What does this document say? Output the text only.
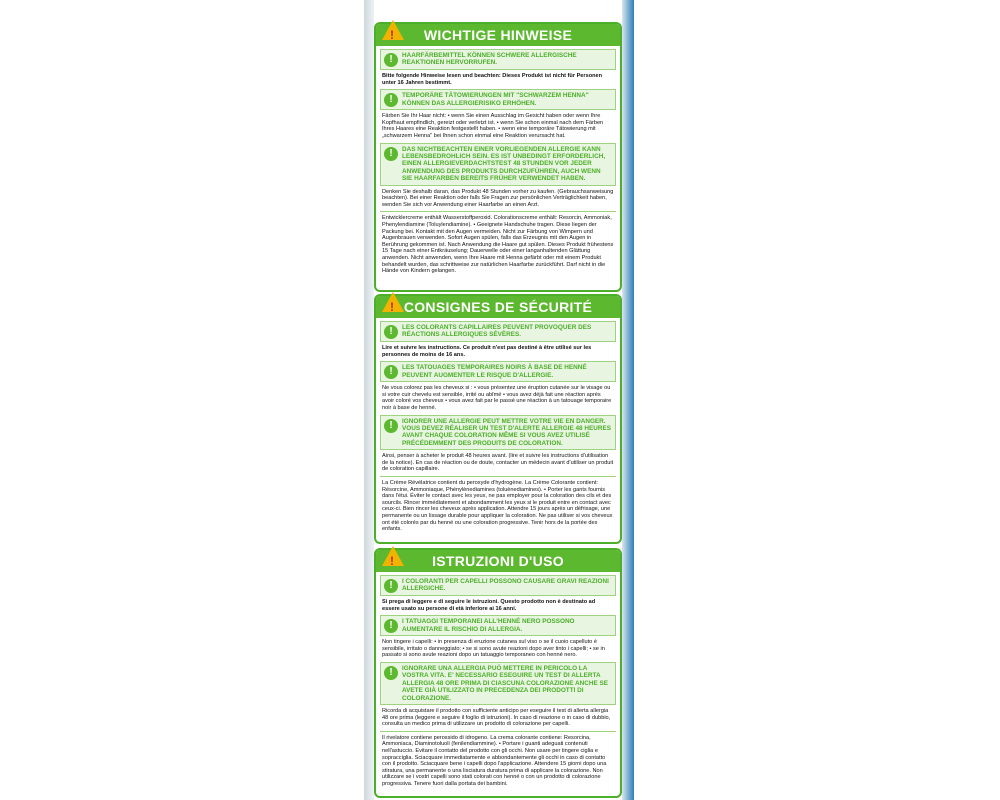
! WICHTIGE HINWEISE
!	HAARFÄRBEMITTEL KÖNNEN SCHWERE ALLERGISCHE REAKTIONEN HERVORRUFEN.
Bitte folgende Hinweise lesen und beachten: Dieses Produkt ist nicht für Personen unter 16 Jahren bestimmt.
!	TEMPORÄRE TÄTOWIERUNGEN MIT "SCHWARZEM HENNA" KÖNNEN DAS ALLERGIERISIKO ERHÖHEN.
Färben Sie Ihr Haar nicht: • wenn Sie einen Ausschlag im Gesicht haben oder wenn Ihre Kopfhaut empfindlich, gereizt oder verletzt ist. • wenn Sie schon einmal nach dem Färben Ihres Haares eine Reaktion festgestellt haben. • wenn eine temporäre Tätowierung mit „schwarzem Henna" bei Ihnen schon einmal eine Reaktion verursacht hat.
!	DAS NICHTBEACHTEN EINER VORLIEGENDEN ALLERGIE KANN LEBENSBEDROHLICH SEIN. ES IST UNBEDINGT ERFORDERLICH, EINEN ALLERGIEVERDACHTSTEST 48 STUNDEN VOR JEDER ANWENDUNG DES PRODUKTS DURCHZUFÜHREN, AUCH WENN SIE HAARFARBEN BEREITS FRÜHER VERWENDET HABEN.
Denken Sie deshalb daran, das Produkt 48 Stunden vorher zu kaufen. (Gebrauchsanweisung beachten). Bei einer Reaktion oder falls Sie Fragen zur persönlichen Verträglichkeit haben, wenden Sie sich vor Anwendung einer Haarfarbe an einen Arzt.
Entwicklercreme enthält Wasserstoffperoxid. Colorationscreme enthält: Resorcin, Ammoniak, Phenylendiamine (Toluylendiamine). • Geeignete Handschuhe tragen. Diese liegen der Packung bei. Kontakt mit den Augen vermeiden. Nicht zur Färbung von Wimpern und Augenbrauen verwenden. Sofort Augen spülen, falls das Erzeugnis mit den Augen in Berührung gekommen ist. Nach Anwendung die Haare gut spülen. Dieses Produkt frühestens 15 Tage nach einer Entkräuselung; Dauerwelle oder einer langanhaltenden Glättung anwenden. Nicht anwenden, wenn Ihre Haare mit Henna gefärbt oder mit einem Produkt behandelt wurden, das schrittweise zur natürlichen Haarfarbe zurückführt. Darf nicht in die Hände von Kindern gelangen.
! CONSIGNES DE SÉCURITÉ
!	LES COLORANTS CAPILLAIRES PEUVENT PROVOQUER DES RÉACTIONS ALLERGIQUES SÉVÈRES.
Lire et suivre les instructions. Ce produit n'est pas destiné à être utilisé sur les personnes de moins de 16 ans.
!	LES TATOUAGES TEMPORAIRES NOIRS À BASE DE HENNÉ PEUVENT AUGMENTER LE RISQUE D'ALLERGIE.
Ne vous colorez pas les cheveux si : • vous présentez une éruption cutanée sur le visage ou si votre cuir chevelu est sensible, irrité ou abîmé • vous avez déjà fait une réaction après avoir coloré vos cheveux • vous avez fait par le passé une réaction à un tatouage temporaire noir à base de henné.
!	IGNORER UNE ALLERGIE PEUT METTRE VOTRE VIE EN DANGER. VOUS DEVEZ RÉALISER UN TEST D'ALERTE ALLERGIE 48 HEURES AVANT CHAQUE COLORATION MÊME SI VOUS AVEZ UTILISÉ PRÉCÉDEMMENT DES PRODUITS DE COLORATION.
Ainsi, penser à acheter le produit 48 heures avant. (lire et suivre les instructions d'utilisation de la notice). En cas de réaction ou de doute, contacter un médecin avant d'utiliser un produit de coloration capillaire.
La Crème Révélatrice contient du peroxyde d'hydrogène. La Crème Colorante contient: Résorcine, Ammoniaque, Phénylènediamines (toluènediamines). • Porter les gants fournis dans l'étui. Éviter le contact avec les yeux, ne pas employer pour la coloration des cils et des sourcils. Rincer immédiatement et abondamment les yeux si le produit entre en contact avec ceux-ci. Bien rincer les cheveux après application. Attendre 15 jours après un défrisage, une permanente ou un lissage durable pour appliquer la coloration. Ne pas utiliser si vos cheveux ont été colorés par du henné ou une coloration progressive. Tenir hors de la portée des enfants.
!	ISTRUZIONI D'USO
!	I COLORANTI PER CAPELLI POSSONO CAUSARE GRAVI REAZIONI ALLERGICHE.
Si prega di leggere e di seguire le istruzioni. Questo prodotto non è destinato ad essere usato su persone di età inferiore ai 16 anni.
!	I TATUAGGI TEMPORANEI ALL'HENNÉ NERO POSSONO AUMENTARE IL RISCHIO DI ALLERGIA.
Non tingere i capelli: • in presenza di eruzione cutanea sul viso o se il cuoio capelluto è sensibile, irritato o danneggiato; • se si sono avute reazioni dopo aver tinto i capelli; • se in passato si sono avute reazioni dopo un tatuaggio temporaneo con henné nero.
!	IGNORARE UNA ALLERGIA PUÒ METTERE IN PERICOLO LA VOSTRA VITA. E' NECESSARIO ESEGUIRE UN TEST DI ALLERTA ALLERGIA 48 ORE PRIMA DI CIASCUNA COLORAZIONE ANCHE SE AVETE GIÀ UTILIZZATO IN PRECEDENZA DEI PRODOTTI DI COLORAZIONE.
Ricorda di acquistare il prodotto con sufficiente anticipo per eseguire il test di allerta allergia 48 ore prima (leggere e seguire il foglio di istruzioni). In caso di reazione o in caso di dubbio, consulta un medico prima di utilizzare un prodotto di colorazione per capelli.
Il rivelatore contiene perossido di idrogeno. La crema colorante contiene: Resorcina, Ammoniaca, Diaminotoluoli (fenilendiammine). • Portare i guanti adeguati contenuti nell'astuccio. Evitare il contatto del prodotto con gli occhi. Non usare per tingere ciglia e sopracciglia. Sciacquare immediatamente e abbondantemente gli occhi in caso di contatto con il prodotto. Sciacquare bene i capelli dopo l'applicazione. Attendere 15 giorni dopo una stiratura, una permanente o una lisciatura duratura prima di applicare la colorazione. Non utilizzare se i vostri capelli sono stati colorati con henné o con un prodotto di colorazione progressiva. Tenere fuori dalla portata dei bambini.
